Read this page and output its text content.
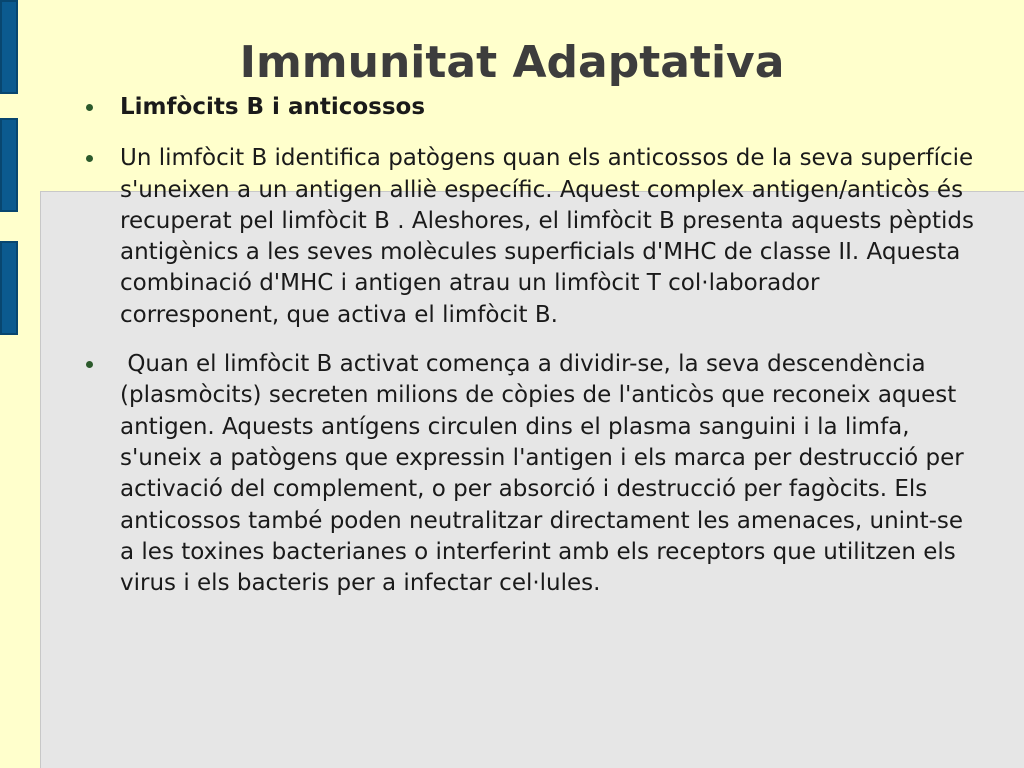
Immunitat Adaptativa
Limfòcits B i anticossos
Un limfòcit B identifica patògens quan els anticossos de la seva superfície s'uneixen a un antigen alliè específic. Aquest complex antigen/anticòs és recuperat pel limfòcit B . Aleshores, el limfòcit B presenta aquests pèptids antigènics a les seves molècules superficials d'MHC de classe II. Aquesta combinació d'MHC i antigen atrau un limfòcit T col·laborador corresponent, que activa el limfòcit B.
Quan el limfòcit B activat comença a dividir-se, la seva descendència (plasmòcits) secreten milions de còpies de l'anticòs que reconeix aquest antigen. Aquests antígens circulen dins el plasma sanguini i la limfa, s'uneix a patògens que expressin l'antigen i els marca per destrucció per activació del complement, o per absorció i destrucció per fagòcits. Els anticossos també poden neutralitzar directament les amenaces, unint-se a les toxines bacterianes o interferint amb els receptors que utilitzen els virus i els bacteris per a infectar cel·lules.
